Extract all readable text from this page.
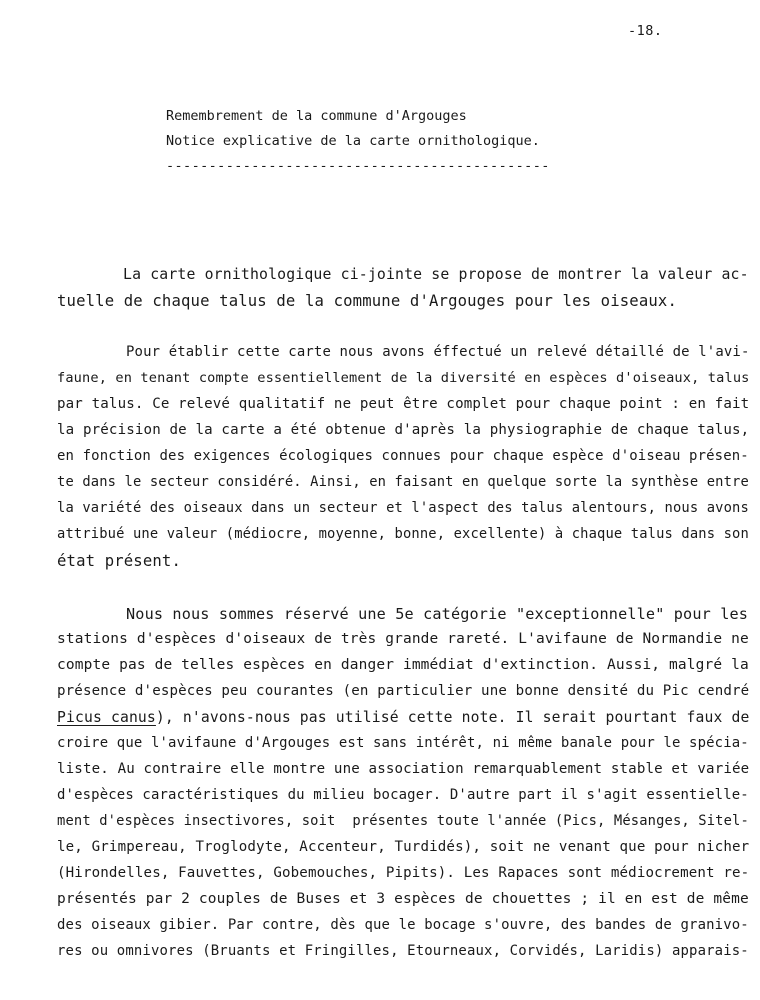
-18.
Remembrement de la commune d'Argouges
Notice explicative de la carte ornithologique.
---------------------------------------------
La carte ornithologique ci-jointe se propose de montrer la valeur ac-
tuelle de chaque talus de la commune d'Argouges pour les oiseaux.
Pour établir cette carte nous avons éffectué un relevé détaillé de l'avi-
faune, en tenant compte essentiellement de la diversité en espèces d'oiseaux, talus
par talus. Ce relevé qualitatif ne peut être complet pour chaque point : en fait
la précision de la carte a été obtenue d'après la physiographie de chaque talus,
en fonction des exigences écologiques connues pour chaque espèce d'oiseau présen-
te dans le secteur considéré. Ainsi, en faisant en quelque sorte la synthèse entre
la variété des oiseaux dans un secteur et l'aspect des talus alentours, nous avons
attribué une valeur (médiocre, moyenne, bonne, excellente) à chaque talus dans son
état présent.
Nous nous sommes réservé une 5e catégorie "exceptionnelle" pour les
stations d'espèces d'oiseaux de très grande rareté. L'avifaune de Normandie ne
compte pas de telles espèces en danger immédiat d'extinction. Aussi, malgré la
présence d'espèces peu courantes (en particulier une bonne densité du Pic cendré
Picus canus), n'avons-nous pas utilisé cette note. Il serait pourtant faux de
croire que l'avifaune d'Argouges est sans intérêt, ni même banale pour le spécia-
liste. Au contraire elle montre une association remarquablement stable et variée
d'espèces caractéristiques du milieu bocager. D'autre part il s'agit essentielle-
ment d'espèces insectivores, soit  présentes toute l'année (Pics, Mésanges, Sitel-
le, Grimpereau, Troglodyte, Accenteur, Turdidés), soit ne venant que pour nicher
(Hirondelles, Fauvettes, Gobemouches, Pipits). Les Rapaces sont médiocrement re-
présentés par 2 couples de Buses et 3 espèces de chouettes ; il en est de même
des oiseaux gibier. Par contre, dès que le bocage s'ouvre, des bandes de granivo-
res ou omnivores (Bruants et Fringilles, Etourneaux, Corvidés, Laridis) apparais-
